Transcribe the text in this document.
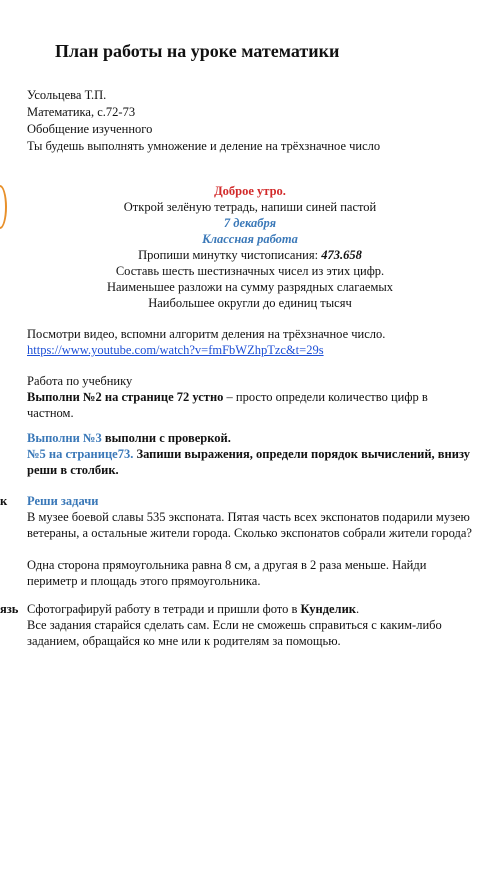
План работы на уроке математики
Усольцева Т.П.
Математика, с.72-73
Обобщение изученного
Ты будешь выполнять умножение и деление на трёхзначное число
Доброе утро.
Открой зелёную тетрадь, напиши синей пастой
7 декабря
Классная работа
Пропиши минутку чистописания: 473.658
Составь шесть шестизначных чисел из этих цифр.
Наименьшее разложи на сумму разрядных слагаемых
Наибольшее округли до единиц тысяч
Посмотри видео, вспомни алгоритм деления на трёхзначное число.
https://www.youtube.com/watch?v=fmFbWZhpTzc&t=29s
Работа по учебнику
Выполни №2 на странице 72 устно – просто определи количество цифр в
частном.
Выполни №3 выполни с проверкой.
№5 на странице73. Запиши выражения, определи порядок вычислений, внизу
реши в столбик.
к Реши задачи
В музее боевой славы 535 экспоната. Пятая часть всех экспонатов подарили музею
ветераны, а остальные жители города. Сколько экспонатов собрали жители города?
Одна сторона прямоугольника равна 8 см, а другая в 2 раза меньше. Найди
периметр и площадь этого прямоугольника.
язь Сфотографируй работу в тетради и пришли фото в Кунделик.
Все задания старайся сделать сам. Если не сможешь справиться с каким-либо
заданием, обращайся ко мне или к родителям за помощью.
